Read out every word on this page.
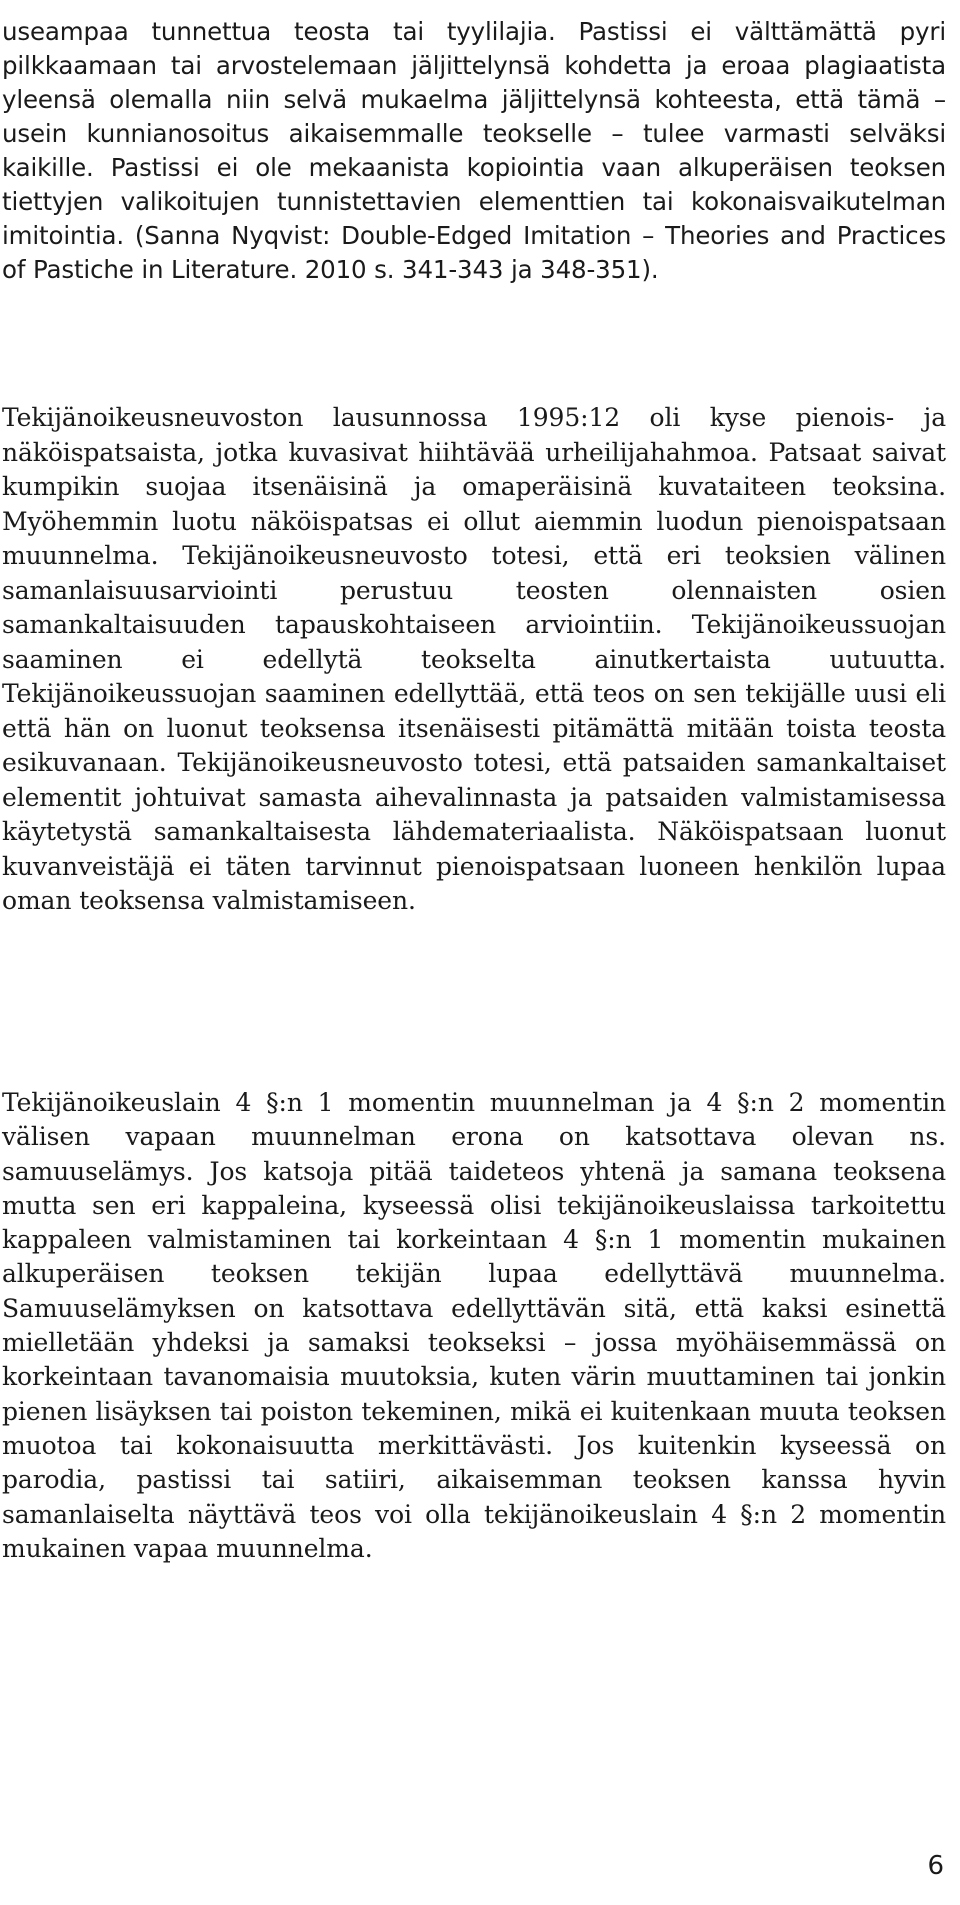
useampaa tunnettua teosta tai tyylilajia. Pastissi ei välttämättä pyri pilkkaamaan tai arvostelemaan jäljittelynsä kohdetta ja eroaa plagiaatista yleensä olemalla niin selvä mukaelma jäljittelynsä kohteesta, että tämä – usein kunnianosoitus aikaisemmalle teokselle – tulee varmasti selväksi kaikille. Pastissi ei ole mekaanista kopiointia vaan alkuperäisen teoksen tiettyjen valikoitujen tunnistettavien elementtien tai kokonaisvaikutelman imitointia. (Sanna Nyqvist: Double-Edged Imitation – Theories and Practices of Pastiche in Literature. 2010 s. 341-343 ja 348-351).

Tekijänoikeusneuvoston lausunnossa 1995:12 oli kyse pienois- ja näköispatsaista, jotka kuvasivat hiihtävää urheilijahahmoa. Patsaat saivat kumpikin suojaa itsenäisinä ja omaperäisinä kuvataiteen teoksina. Myöhemmin luotu näköispatsas ei ollut aiemmin luodun pienoispatsaan muunnelma. Tekijänoikeusneuvosto totesi, että eri teoksien välinen samanlaisuusarviointi perustuu teosten olennaisten osien samankaltaisuuden tapauskohtaiseen arviointiin. Tekijänoikeussuojan saaminen ei edellytä teokselta ainutkertaista uutuutta. Tekijänoikeussuojan saaminen edellyttää, että teos on sen tekijälle uusi eli että hän on luonut teoksensa itsenäisesti pitämättä mitään toista teosta esikuvanaan. Tekijänoikeusneuvosto totesi, että patsaiden samankaltaiset elementit johtuivat samasta aihevalinnasta ja patsaiden valmistamisessa käytetystä samankaltaisesta lähdemateriaalista. Näköispatsaan luonut kuvanveistäjä ei täten tarvinnut pienoispatsaan luoneen henkilön lupaa oman teoksensa valmistamiseen.

Tekijänoikeuslain 4 §:n 1 momentin muunnelman ja 4 §:n 2 momentin välisen vapaan muunnelman erona on katsottava olevan ns. samuuselämys. Jos katsoja pitää taideteos yhtenä ja samana teoksena mutta sen eri kappaleina, kyseessä olisi tekijänoikeuslaissa tarkoitettu kappaleen valmistaminen tai korkeintaan 4 §:n 1 momentin mukainen alkuperäisen teoksen tekijän lupaa edellyttävä muunnelma. Samuuselämyksen on katsottava edellyttävän sitä, että kaksi esinettä mielletään yhdeksi ja samaksi teokseksi – jossa myöhäisemmässä on korkeintaan tavanomaisia muutoksia, kuten värin muuttaminen tai jonkin pienen lisäyksen tai poiston tekeminen, mikä ei kuitenkaan muuta teoksen muotoa tai kokonaisuutta merkittävästi. Jos kuitenkin kyseessä on parodia, pastissi tai satiiri, aikaisemman teoksen kanssa hyvin samanlaiselta näyttävä teos voi olla tekijänoikeuslain 4 §:n 2 momentin mukainen vapaa muunnelma.

6
